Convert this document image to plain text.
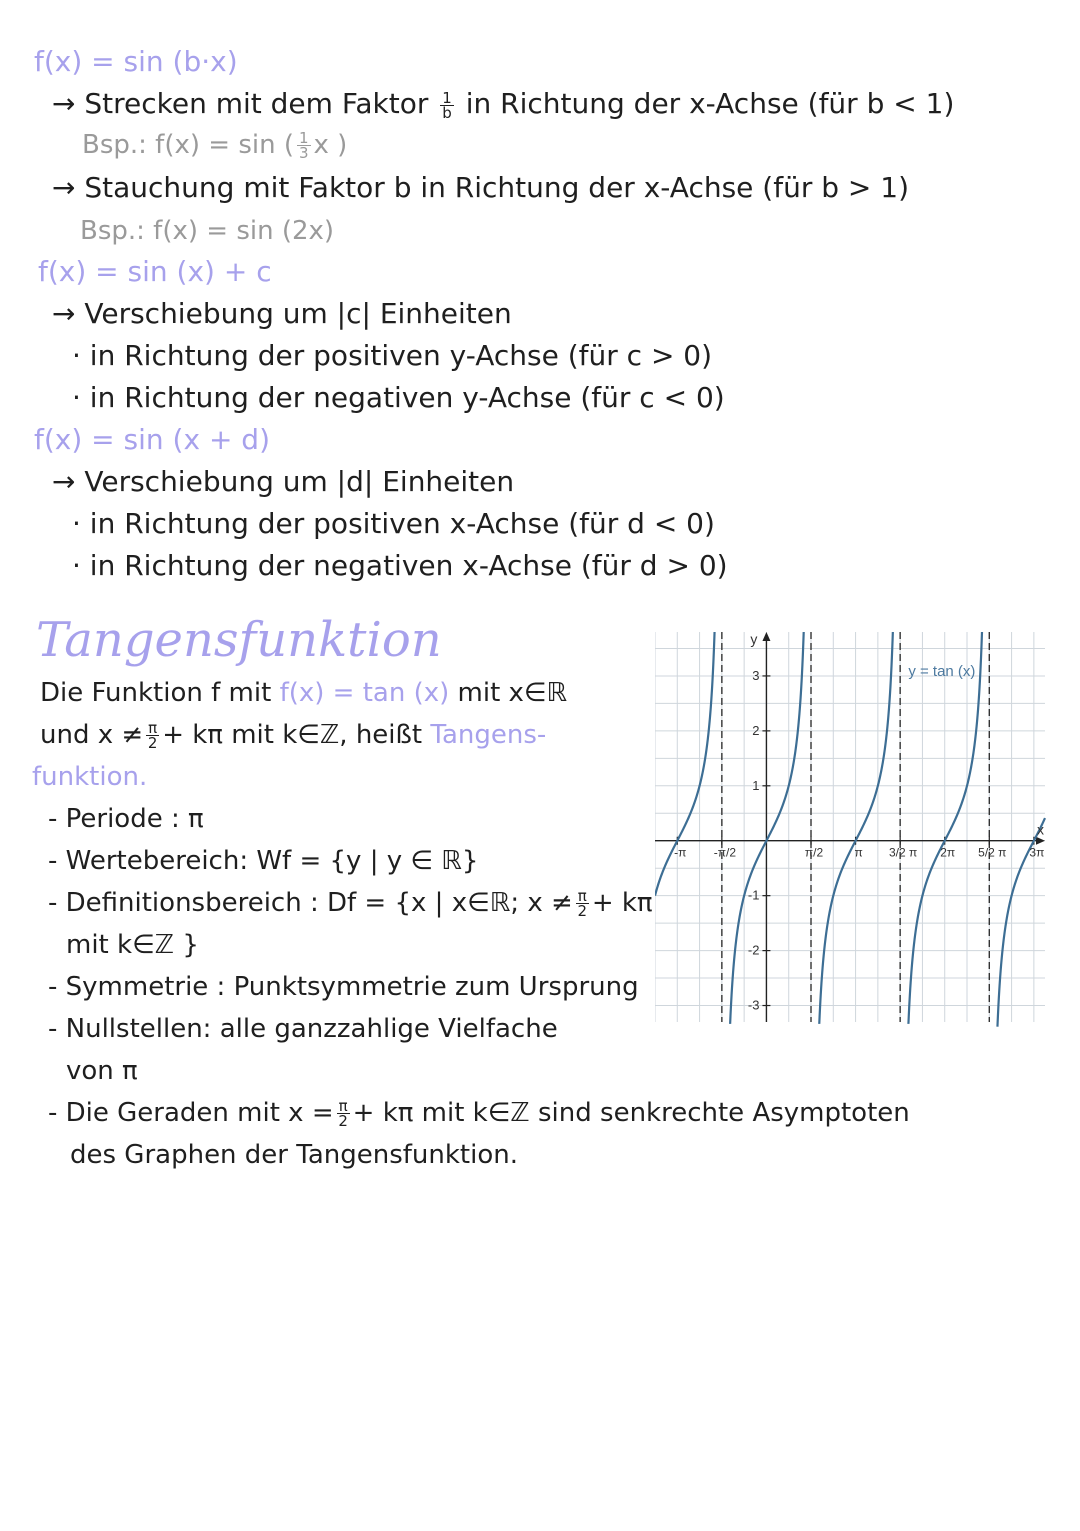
f(x) = sin (b·x)
→ Strecken mit dem Faktor $\frac{1}{b}$ in Richtung der x-Achse (für b < 1)
Bsp.: f(x) = sin ( $\frac{1}{3}$ x )
→ Stauchung mit Faktor b in Richtung der x-Achse (für b > 1)
Bsp.: f(x) = sin (2x)
f(x) = sin (x) + c
→ Verschiebung um |c| Einheiten
· in Richtung der positiven y-Achse (für c > 0)
· in Richtung der negativen y-Achse (für c < 0)
f(x) = sin (x + d)
→ Verschiebung um |d| Einheiten
· in Richtung der positiven x-Achse (für d < 0)
· in Richtung der negativen x-Achse (für d > 0)
Tangensfunktion
Die Funktion f mit f(x) = tan (x) mit x∈ℝ
und $x \ne \frac{\pi}{2} + k\pi$ mit k∈ℤ, heißt Tangens-
funktion.
- Periode : π
- Wertebereich: Wf = {y | y ∈ ℝ}
- Definitionsbereich : Df = {x | x∈ℝ; $x \ne \frac{\pi}{2} + k\pi$
mit k∈ℤ }
- Symmetrie : Punktsymmetrie zum Ursprung
- Nullstellen: alle ganzzahlige Vielfache
von π
- Die Geraden mit $x = \frac{\pi}{2} + k\pi$ mit k∈ℤ sind senkrechte Asymptoten
des Graphen der Tangensfunktion.
-π -π/2	π/2	π 3/2 π 2π 5/2 π 3π
3
2
1
-1
-2
-3
x
y
y = tan (x)
